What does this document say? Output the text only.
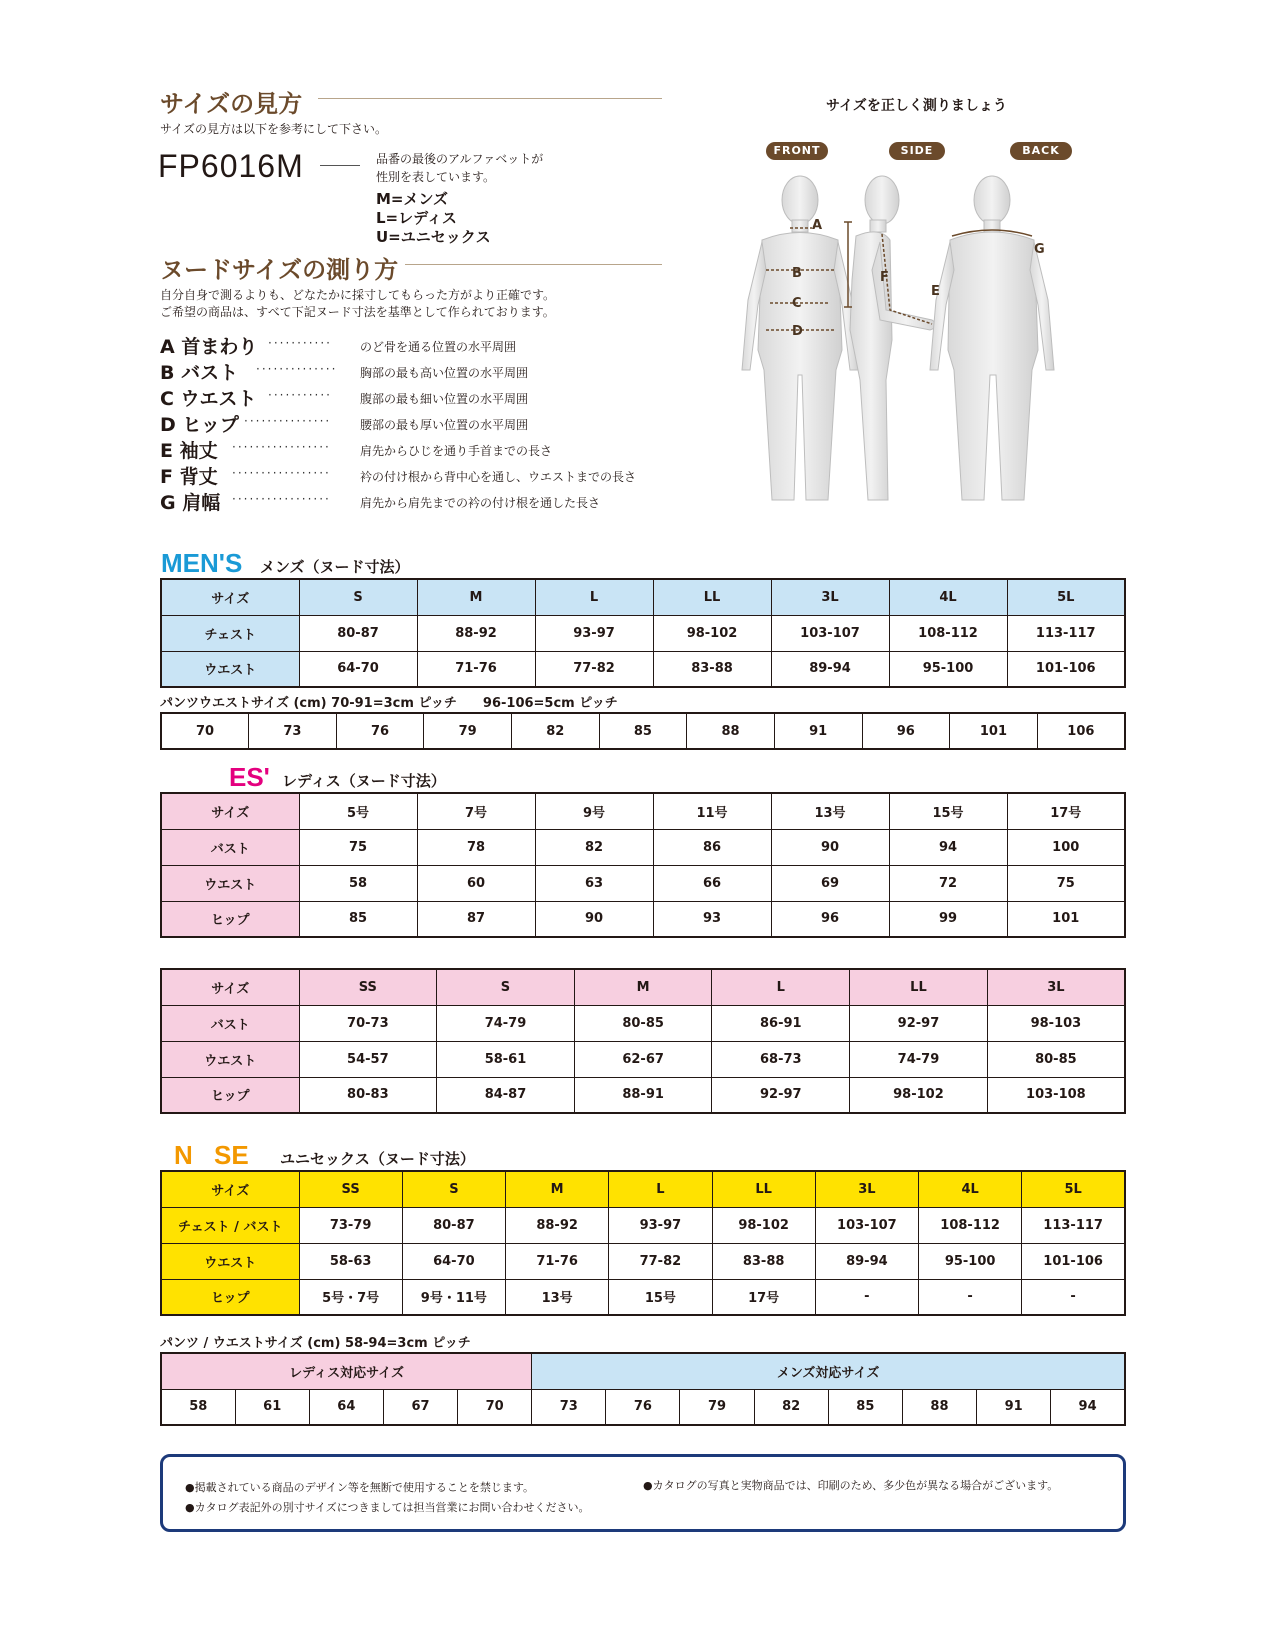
サイズの見方
サイズの見方は以下を参考にして下さい。
FP6016M	品番の最後のアルファベットが
性別を表しています。
M=メンズ
L=レディス
U=ユニセックス
ヌードサイズの測り方
自分自身で測るよりも、どなたかに採寸してもらった方がより正確です。
ご希望の商品は、すべて下記ヌード寸法を基準として作られております。
A 首まわり ··········· のど骨を通る位置の水平周囲
B バスト ·············· 胸部の最も高い位置の水平周囲
C ウエスト ··········· 腹部の最も細い位置の水平周囲
D ヒップ ··············· 腰部の最も厚い位置の水平周囲
E 袖丈 ················· 肩先からひじを通り手首までの長さ
F 背丈 ················· 衿の付け根から背中心を通し、ウエストまでの長さ
G 肩幅 ················· 肩先から肩先までの衿の付け根を通した長さ
サイズを正しく測りましょう
FRONT	SIDE	BACK
A
B
C
D
E
F
G
MEN'S メンズ（ヌード寸法）
サイズ	S	M	L	LL	3L	4L	5L
チェスト	80-87	88-92	93-97	98-102	103-107	108-112	113-117
ウエスト	64-70	71-76	77-82	83-88	89-94	95-100	101-106
パンツウエストサイズ (cm) 70-91=3cm ピッチ　　96-106=5cm ピッチ
70	73	76	79	82	85	88	91	96	101	106
ES' レディス（ヌード寸法）
サイズ	5号	7号	9号	11号	13号	15号	17号
バスト	75	78	82	86	90	94	100
ウエスト	58	60	63	66	69	72	75
ヒップ	85	87	90	93	96	99	101
サイズ	SS	S	M	L	LL	3L
バスト	70-73	74-79	80-85	86-91	92-97	98-103
ウエスト	54-57	58-61	62-67	68-73	74-79	80-85
ヒップ	80-83	84-87	88-91	92-97	98-102	103-108
N SE ユニセックス（ヌード寸法）
サイズ	SS	S	M	L	LL	3L	4L	5L
チェスト / バスト	73-79	80-87	88-92	93-97	98-102	103-107	108-112	113-117
ウエスト	58-63	64-70	71-76	77-82	83-88	89-94	95-100	101-106
ヒップ	5号・7号	9号・11号	13号	15号	17号	-	-	-
パンツ / ウエストサイズ (cm) 58-94=3cm ピッチ
レディス対応サイズ					メンズ対応サイズ							
58	61	64	67	70	73	76	79	82	85	88	91	94
●掲載されている商品のデザイン等を無断で使用することを禁じます。	●カタログの写真と実物商品では、印刷のため、多少色が異なる場合がございます。
●カタログ表記外の別寸サイズにつきましては担当営業にお問い合わせください。
